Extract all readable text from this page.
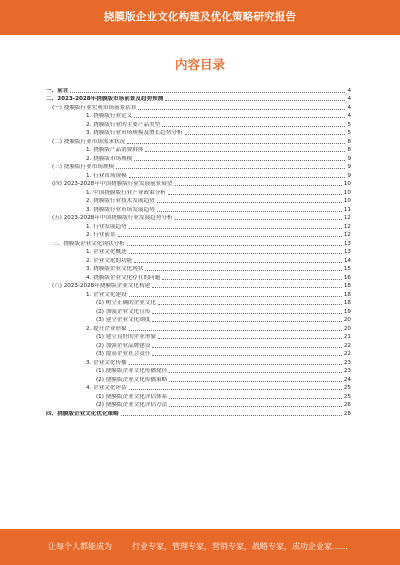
挠膜版企业文化构建及优化策略研究报告
内容目录
一、前言	4
二、2023-2028年挠膜版市场前景及趋势预测	4
(一) 挠膜版行业宏观市场前景估算	4
1. 挠膜版行业定义	4
2. 挠膜版行业的主要产品类型	5
3. 挠膜版行业市场规模及增长趋势分析	5
(二) 挠膜版行业市场需求状况	8
1. 挠膜版产品消费群体	8
2. 挠膜版市场规模	9
(三) 挠膜版行业市场规模	9
1. 行业市场规模	9
(四) 2023-2028年中国挠膜版行业发展前景展望	10
1. 中国挠膜版行业产业政策分析	10
2. 挠膜版行业技术发展趋势	10
3. 挠膜版行业市场发展趋势	11
(五) 2023-2028年中国挠膜版行业发展趋势分析	12
1. 行业发展趋势	12
2. 行业前景	12
三、挠膜版企业文化现状分析	13
1. 企业文化概述	13
2. 企业文化的功能	14
3. 挠膜版企业文化现状	15
4. 挠膜版企业文化存在的问题	16
(六) 2023-2028年挠膜版企业文化构建	18
1. 企业文化建设	18
(1) 树立正确的企业文化	18
(2) 加强企业文化宣传	19
(3) 建立企业文化制度	20
2. 提升企业形象	20
(1) 建立良好的企业形象	21
(2) 加强企业品牌建设	22
(3) 提高企业社会责任	22
3. 企业文化传播	23
(1) 挠膜版企业文化传播途径	23
(2) 挠膜版企业文化传播策略	24
4. 企业文化评估	25
(1) 挠膜版企业文化评估体系	25
(2) 挠膜版企业文化评估方法	26
四、挠膜版企业文化优化策略	28
让每个人都能成为	行业专家，管理专家，营销专家，战略专家，成功企业家……
